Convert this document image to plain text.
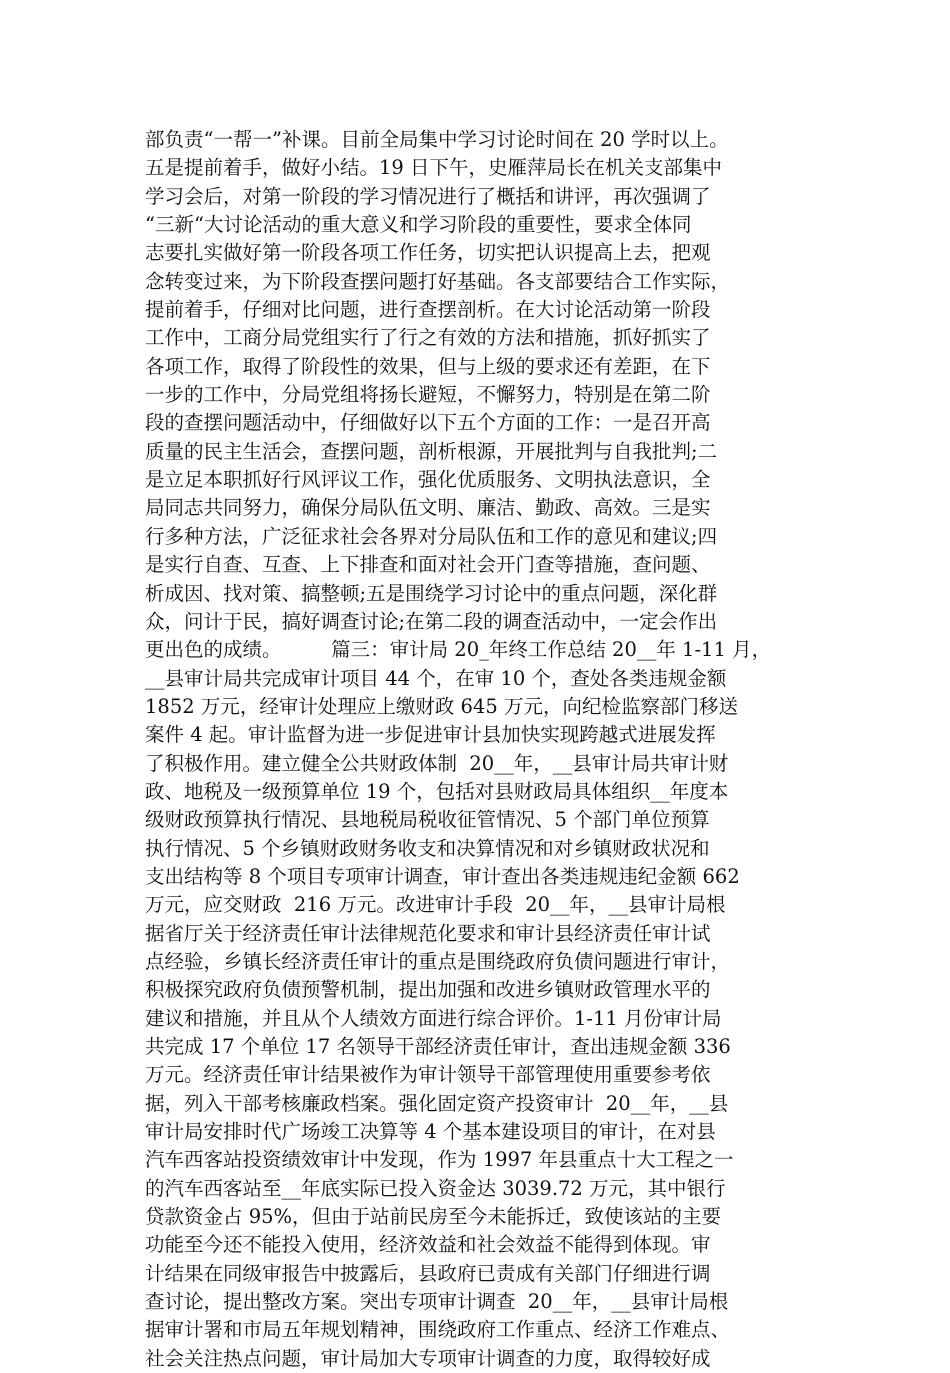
部负责“一帮一”补课。目前全局集中学习讨论时间在 20 学时以上。
五是提前着手，做好小结。19 日下午，史雁萍局长在机关支部集中
学习会后，对第一阶段的学习情况进行了概括和讲评，再次强调了
“三新“大讨论活动的重大意义和学习阶段的重要性，要求全体同
志要扎实做好第一阶段各项工作任务，切实把认识提高上去，把观
念转变过来，为下阶段查摆问题打好基础。各支部要结合工作实际，
提前着手，仔细对比问题，进行查摆剖析。在大讨论活动第一阶段
工作中，工商分局党组实行了行之有效的方法和措施，抓好抓实了
各项工作，取得了阶段性的效果，但与上级的要求还有差距，在下
一步的工作中，分局党组将扬长避短，不懈努力，特别是在第二阶
段的查摆问题活动中，仔细做好以下五个方面的工作：一是召开高
质量的民主生活会，查摆问题，剖析根源，开展批判与自我批判;二
是立足本职抓好行风评议工作，强化优质服务、文明执法意识，全
局同志共同努力，确保分局队伍文明、廉洁、勤政、高效。三是实
行多种方法，广泛征求社会各界对分局队伍和工作的意见和建议;四
是实行自查、互查、上下排查和面对社会开门查等措施，查问题、
析成因、找对策、搞整顿;五是围绕学习讨论中的重点问题，深化群
众，问计于民，搞好调查讨论;在第二段的调查活动中，一定会作出
更出色的成绩。        篇三：审计局 20_年终工作总结 20__年 1-11 月，
__县审计局共完成审计项目 44 个，在审 10 个，查处各类违规金额
1852 万元，经审计处理应上缴财政 645 万元，向纪检监察部门移送
案件 4 起。审计监督为进一步促进审计县加快实现跨越式进展发挥
了积极作用。建立健全公共财政体制  20__年，__县审计局共审计财
政、地税及一级预算单位 19 个，包括对县财政局具体组织__年度本
级财政预算执行情况、县地税局税收征管情况、5 个部门单位预算
执行情况、5 个乡镇财政财务收支和决算情况和对乡镇财政状况和
支出结构等 8 个项目专项审计调查，审计查出各类违规违纪金额 662
万元，应交财政  216 万元。改进审计手段  20__年，__县审计局根
据省厅关于经济责任审计法律规范化要求和审计县经济责任审计试
点经验，乡镇长经济责任审计的重点是围绕政府负债问题进行审计，
积极探究政府负债预警机制，提出加强和改进乡镇财政管理水平的
建议和措施，并且从个人绩效方面进行综合评价。1-11 月份审计局
共完成 17 个单位 17 名领导干部经济责任审计，查出违规金额 336
万元。经济责任审计结果被作为审计领导干部管理使用重要参考依
据，列入干部考核廉政档案。强化固定资产投资审计  20__年，__县
审计局安排时代广场竣工决算等 4 个基本建设项目的审计，在对县
汽车西客站投资绩效审计中发现，作为 1997 年县重点十大工程之一
的汽车西客站至__年底实际已投入资金达 3039.72 万元，其中银行
贷款资金占 95%，但由于站前民房至今未能拆迁，致使该站的主要
功能至今还不能投入使用，经济效益和社会效益不能得到体现。审
计结果在同级审报告中披露后，县政府已责成有关部门仔细进行调
查讨论，提出整改方案。突出专项审计调查  20__年，__县审计局根
据审计署和市局五年规划精神，围绕政府工作重点、经济工作难点、
社会关注热点问题，审计局加大专项审计调查的力度，取得较好成
